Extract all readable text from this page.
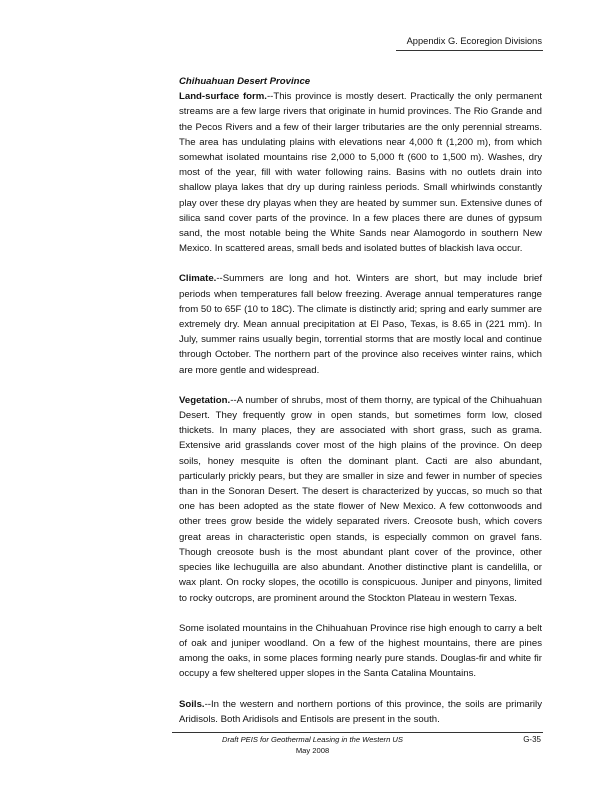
Appendix G. Ecoregion Divisions
Chihuahuan Desert Province

Land-surface form.--This province is mostly desert. Practically the only permanent streams are a few large rivers that originate in humid provinces. The Rio Grande and the Pecos Rivers and a few of their larger tributaries are the only perennial streams. The area has undulating plains with elevations near 4,000 ft (1,200 m), from which somewhat isolated mountains rise 2,000 to 5,000 ft (600 to 1,500 m). Washes, dry most of the year, fill with water following rains. Basins with no outlets drain into shallow playa lakes that dry up during rainless periods. Small whirlwinds constantly play over these dry playas when they are heated by summer sun. Extensive dunes of silica sand cover parts of the province. In a few places there are dunes of gypsum sand, the most notable being the White Sands near Alamogordo in southern New Mexico. In scattered areas, small beds and isolated buttes of blackish lava occur.

Climate.--Summers are long and hot. Winters are short, but may include brief periods when temperatures fall below freezing. Average annual temperatures range from 50 to 65F (10 to 18C). The climate is distinctly arid; spring and early summer are extremely dry. Mean annual precipitation at El Paso, Texas, is 8.65 in (221 mm). In July, summer rains usually begin, torrential storms that are mostly local and continue through October. The northern part of the province also receives winter rains, which are more gentle and widespread.

Vegetation.--A number of shrubs, most of them thorny, are typical of the Chihuahuan Desert. They frequently grow in open stands, but sometimes form low, closed thickets. In many places, they are associated with short grass, such as grama. Extensive arid grasslands cover most of the high plains of the province. On deep soils, honey mesquite is often the dominant plant. Cacti are also abundant, particularly prickly pears, but they are smaller in size and fewer in number of species than in the Sonoran Desert. The desert is characterized by yuccas, so much so that one has been adopted as the state flower of New Mexico. A few cottonwoods and other trees grow beside the widely separated rivers. Creosote bush, which covers great areas in characteristic open stands, is especially common on gravel fans. Though creosote bush is the most abundant plant cover of the province, other species like lechuguilla are also abundant. Another distinctive plant is candelilla, or wax plant. On rocky slopes, the ocotillo is conspicuous. Juniper and pinyons, limited to rocky outcrops, are prominent around the Stockton Plateau in western Texas.

Some isolated mountains in the Chihuahuan Province rise high enough to carry a belt of oak and juniper woodland. On a few of the highest mountains, there are pines among the oaks, in some places forming nearly pure stands. Douglas-fir and white fir occupy a few sheltered upper slopes in the Santa Catalina Mountains.

Soils.--In the western and northern portions of this province, the soils are primarily Aridisols. Both Aridisols and Entisols are present in the south.

Draft PEIS for Geothermal Leasing in the Western US
May 2008
G-35
